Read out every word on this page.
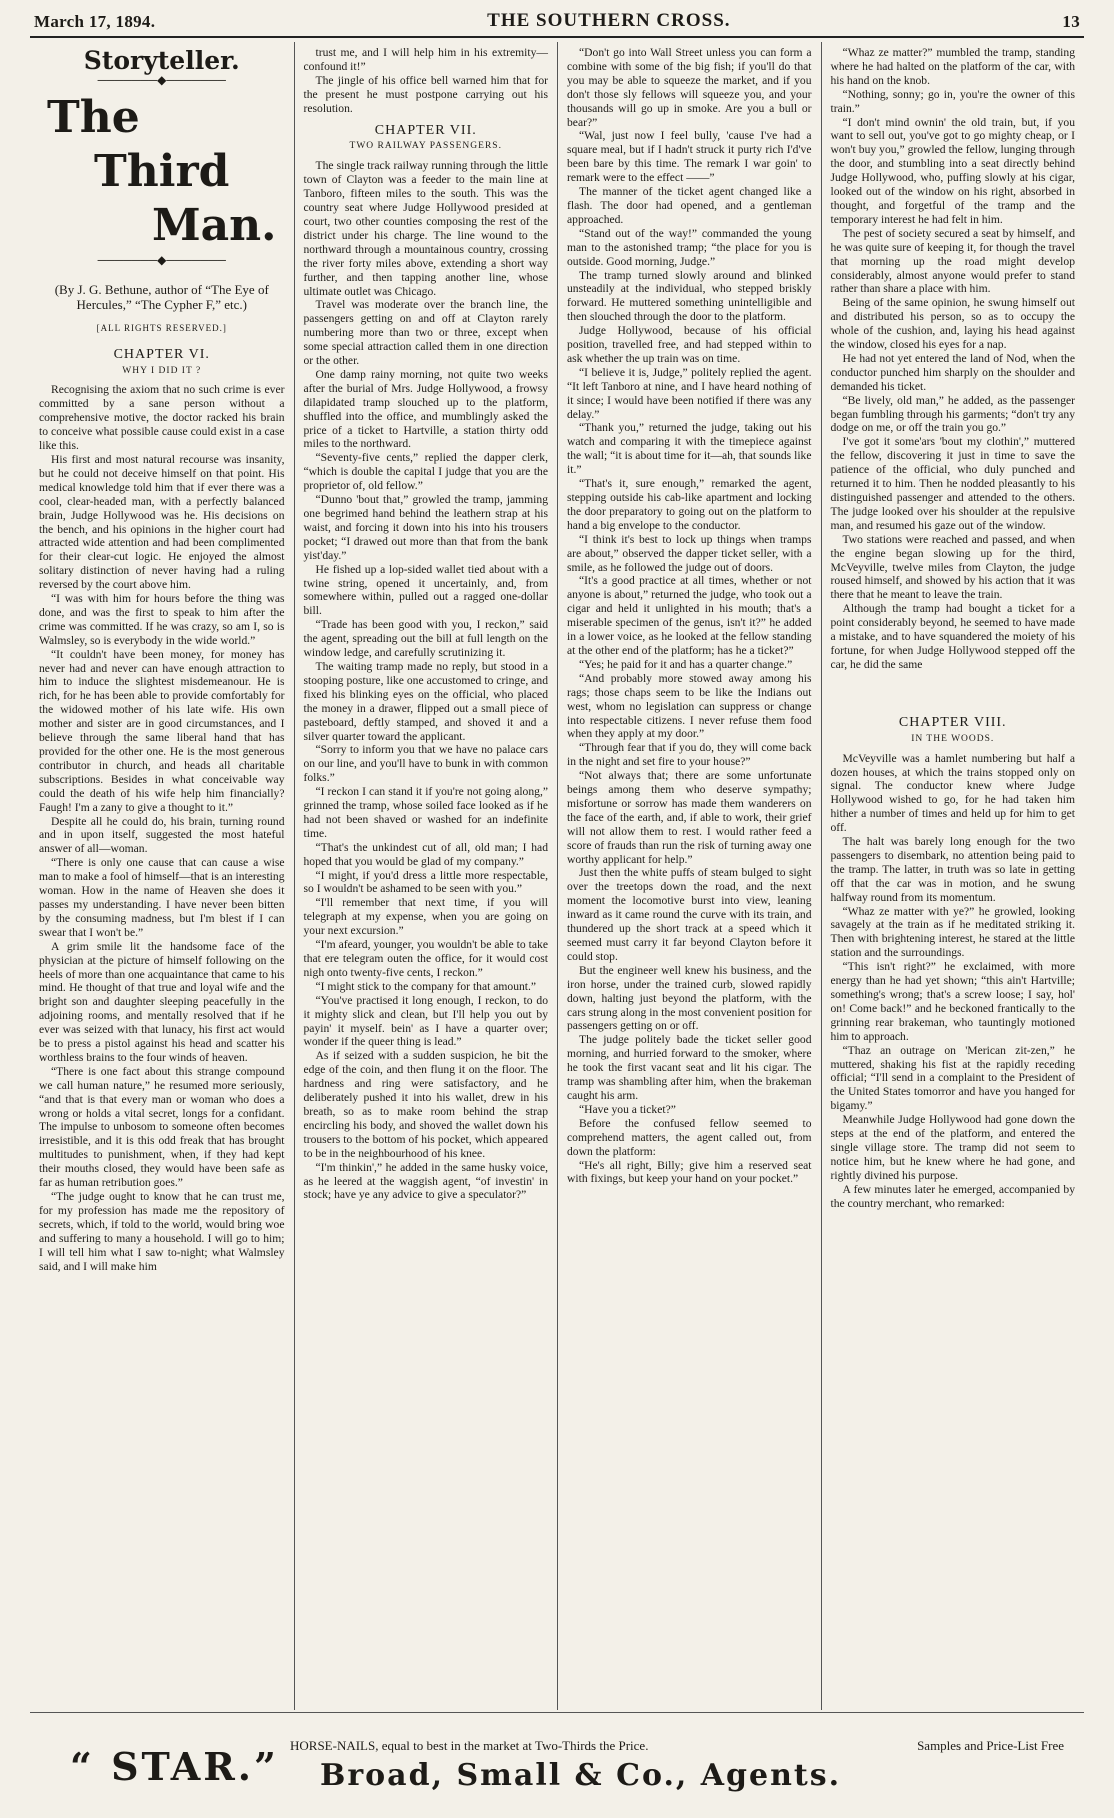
March 17, 1894.	THE SOUTHERN CROSS.	13
Storyteller.
───────◆───────
The
Third
Man.
───────◆───────
(By J. G. Bethune, author of “The Eye of Hercules,” “The Cypher F,” etc.)
[ALL RIGHTS RESERVED.]
CHAPTER VI.
WHY I DID IT ?

Recognising the axiom that no such crime is ever committed by a sane person without a comprehensive motive, the doctor racked his brain to conceive what possible cause could exist in a case like this.

His first and most natural recourse was insanity, but he could not deceive himself on that point. His medical knowledge told him that if ever there was a cool, clear-headed man, with a perfectly balanced brain, Judge Hollywood was he. His decisions on the bench, and his opinions in the higher court had attracted wide attention and had been complimented for their clear-cut logic. He enjoyed the almost solitary distinction of never having had a ruling reversed by the court above him.

“I was with him for hours before the thing was done, and was the first to speak to him after the crime was committed. If he was crazy, so am I, so is Walmsley, so is everybody in the wide world.”

“It couldn't have been money, for money has never had and never can have enough attraction to him to induce the slightest misdemeanour. He is rich, for he has been able to provide comfortably for the widowed mother of his late wife. His own mother and sister are in good circumstances, and I believe through the same liberal hand that has provided for the other one. He is the most generous contributor in church, and heads all charitable subscriptions. Besides in what conceivable way could the death of his wife help him financially? Faugh! I'm a zany to give a thought to it.”

Despite all he could do, his brain, turning round and in upon itself, suggested the most hateful answer of all—woman.

“There is only one cause that can cause a wise man to make a fool of himself—that is an interesting woman. How in the name of Heaven she does it passes my understanding. I have never been bitten by the consuming madness, but I'm blest if I can swear that I won't be.”

A grim smile lit the handsome face of the physician at the picture of himself following on the heels of more than one acquaintance that came to his mind. He thought of that true and loyal wife and the bright son and daughter sleeping peacefully in the adjoining rooms, and mentally resolved that if he ever was seized with that lunacy, his first act would be to press a pistol against his head and scatter his worthless brains to the four winds of heaven.

“There is one fact about this strange compound we call human nature,” he resumed more seriously, “and that is that every man or woman who does a wrong or holds a vital secret, longs for a confidant. The impulse to unbosom to someone often becomes irresistible, and it is this odd freak that has brought multitudes to punishment, when, if they had kept their mouths closed, they would have been safe as far as human retribution goes.”

“The judge ought to know that he can trust me, for my profession has made me the repository of secrets, which, if told to the world, would bring woe and suffering to many a household. I will go to him; I will tell him what I saw to-night; what Walmsley said, and I will make him

trust me, and I will help him in his extremity—confound it!”

The jingle of his office bell warned him that for the present he must postpone carrying out his resolution.

CHAPTER VII.
TWO RAILWAY PASSENGERS.

The single track railway running through the little town of Clayton was a feeder to the main line at Tanboro, fifteen miles to the south. This was the country seat where Judge Hollywood presided at court, two other counties composing the rest of the district under his charge. The line wound to the northward through a mountainous country, crossing the river forty miles above, extending a short way further, and then tapping another line, whose ultimate outlet was Chicago.

Travel was moderate over the branch line, the passengers getting on and off at Clayton rarely numbering more than two or three, except when some special attraction called them in one direction or the other.

One damp rainy morning, not quite two weeks after the burial of Mrs. Judge Hollywood, a frowsy dilapidated tramp slouched up to the platform, shuffled into the office, and mumblingly asked the price of a ticket to Hartville, a station thirty odd miles to the northward.

“Seventy-five cents,” replied the dapper clerk, “which is double the capital I judge that you are the proprietor of, old fellow.”

“Dunno 'bout that,” growled the tramp, jamming one begrimed hand behind the leathern strap at his waist, and forcing it down into his into his trousers pocket; “I drawed out more than that from the bank yist'day.”

He fished up a lop-sided wallet tied about with a twine string, opened it uncertainly, and, from somewhere within, pulled out a ragged one-dollar bill.

“Trade has been good with you, I reckon,” said the agent, spreading out the bill at full length on the window ledge, and carefully scrutinizing it.

The waiting tramp made no reply, but stood in a stooping posture, like one accustomed to cringe, and fixed his blinking eyes on the official, who placed the money in a drawer, flipped out a small piece of pasteboard, deftly stamped, and shoved it and a silver quarter toward the applicant.

“Sorry to inform you that we have no palace cars on our line, and you'll have to bunk in with common folks.”

“I reckon I can stand it if you're not going along,” grinned the tramp, whose soiled face looked as if he had not been shaved or washed for an indefinite time.

“That's the unkindest cut of all, old man; I had hoped that you would be glad of my company.”

“I might, if you'd dress a little more respectable, so I wouldn't be ashamed to be seen with you.”

“I'll remember that next time, if you will telegraph at my expense, when you are going on your next excursion.”

“I'm afeard, younger, you wouldn't be able to take that ere telegram outen the office, for it would cost nigh onto twenty-five cents, I reckon.”

“I might stick to the company for that amount.”

“You've practised it long enough, I reckon, to do it mighty slick and clean, but I'll help you out by payin' it myself. bein' as I have a quarter over; wonder if the queer thing is lead.”

As if seized with a sudden suspicion, he bit the edge of the coin, and then flung it on the floor. The hardness and ring were satisfactory, and he deliberately pushed it into his wallet, drew in his breath, so as to make room behind the strap encircling his body, and shoved the wallet down his trousers to the bottom of his pocket, which appeared to be in the neighbourhood of his knee.

“I'm thinkin',” he added in the same husky voice, as he leered at the waggish agent, “of investin' in stock; have ye any advice to give a speculator?”

“Don't go into Wall Street unless you can form a combine with some of the big fish; if you'll do that you may be able to squeeze the market, and if you don't those sly fellows will squeeze you, and your thousands will go up in smoke. Are you a bull or bear?”

“Wal, just now I feel bully, 'cause I've had a square meal, but if I hadn't struck it purty rich I'd've been bare by this time. The remark I war goin' to remark were to the effect ——”

The manner of the ticket agent changed like a flash. The door had opened, and a gentleman approached.

“Stand out of the way!” commanded the young man to the astonished tramp; “the place for you is outside. Good morning, Judge.”

The tramp turned slowly around and blinked unsteadily at the individual, who stepped briskly forward. He muttered something unintelligible and then slouched through the door to the platform.

Judge Hollywood, because of his official position, travelled free, and had stepped within to ask whether the up train was on time.

“I believe it is, Judge,” politely replied the agent. “It left Tanboro at nine, and I have heard nothing of it since; I would have been notified if there was any delay.”

“Thank you,” returned the judge, taking out his watch and comparing it with the timepiece against the wall; “it is about time for it—ah, that sounds like it.”

“That's it, sure enough,” remarked the agent, stepping outside his cab-like apartment and locking the door preparatory to going out on the platform to hand a big envelope to the conductor.

“I think it's best to lock up things when tramps are about,” observed the dapper ticket seller, with a smile, as he followed the judge out of doors.

“It's a good practice at all times, whether or not anyone is about,” returned the judge, who took out a cigar and held it unlighted in his mouth; that's a miserable specimen of the genus, isn't it?” he added in a lower voice, as he looked at the fellow standing at the other end of the platform; has he a ticket?”

“Yes; he paid for it and has a quarter change.”

“And probably more stowed away among his rags; those chaps seem to be like the Indians out west, whom no legislation can suppress or change into respectable citizens. I never refuse them food when they apply at my door.”

“Through fear that if you do, they will come back in the night and set fire to your house?”

“Not always that; there are some unfortunate beings among them who deserve sympathy; misfortune or sorrow has made them wanderers on the face of the earth, and, if able to work, their grief will not allow them to rest. I would rather feed a score of frauds than run the risk of turning away one worthy applicant for help.”

Just then the white puffs of steam bulged to sight over the treetops down the road, and the next moment the locomotive burst into view, leaning inward as it came round the curve with its train, and thundered up the short track at a speed which it seemed must carry it far beyond Clayton before it could stop.

But the engineer well knew his business, and the iron horse, under the trained curb, slowed rapidly down, halting just beyond the platform, with the cars strung along in the most convenient position for passengers getting on or off.

The judge politely bade the ticket seller good morning, and hurried forward to the smoker, where he took the first vacant seat and lit his cigar. The tramp was shambling after him, when the brakeman caught his arm.

“Have you a ticket?”

Before the confused fellow seemed to comprehend matters, the agent called out, from down the platform:

“He's all right, Billy; give him a reserved seat with fixings, but keep your hand on your pocket.”

“Whaz ze matter?” mumbled the tramp, standing where he had halted on the platform of the car, with his hand on the knob.

“Nothing, sonny; go in, you're the owner of this train.”

“I don't mind ownin' the old train, but, if you want to sell out, you've got to go mighty cheap, or I won't buy you,” growled the fellow, lunging through the door, and stumbling into a seat directly behind Judge Hollywood, who, puffing slowly at his cigar, looked out of the window on his right, absorbed in thought, and forgetful of the tramp and the temporary interest he had felt in him.

The pest of society secured a seat by himself, and he was quite sure of keeping it, for though the travel that morning up the road might develop considerably, almost anyone would prefer to stand rather than share a place with him.

Being of the same opinion, he swung himself out and distributed his person, so as to occupy the whole of the cushion, and, laying his head against the window, closed his eyes for a nap.

He had not yet entered the land of Nod, when the conductor punched him sharply on the shoulder and demanded his ticket.

“Be lively, old man,” he added, as the passenger began fumbling through his garments; “don't try any dodge on me, or off the train you go.”

I've got it some'ars 'bout my clothin',” muttered the fellow, discovering it just in time to save the patience of the official, who duly punched and returned it to him. Then he nodded pleasantly to his distinguished passenger and attended to the others. The judge looked over his shoulder at the repulsive man, and resumed his gaze out of the window.

Two stations were reached and passed, and when the engine began slowing up for the third, McVeyville, twelve miles from Clayton, the judge roused himself, and showed by his action that it was there that he meant to leave the train.

Although the tramp had bought a ticket for a point considerably beyond, he seemed to have made a mistake, and to have squandered the moiety of his fortune, for when Judge Hollywood stepped off the car, he did the same

CHAPTER VIII.
IN THE WOODS.

McVeyville was a hamlet numbering but half a dozen houses, at which the trains stopped only on signal. The conductor knew where Judge Hollywood wished to go, for he had taken him hither a number of times and held up for him to get off.

The halt was barely long enough for the two passengers to disembark, no attention being paid to the tramp. The latter, in truth was so late in getting off that the car was in motion, and he swung halfway round from its momentum.

“Whaz ze matter with ye?” he growled, looking savagely at the train as if he meditated striking it. Then with brightening interest, he stared at the little station and the surroundings.

“This isn't right?” he exclaimed, with more energy than he had yet shown; “this ain't Hartville; something's wrong; that's a screw loose; I say, hol' on! Come back!” and he beckoned frantically to the grinning rear brakeman, who tauntingly motioned him to approach.

“Thaz an outrage on 'Merican zit-zen,” he muttered, shaking his fist at the rapidly receding official; “I'll send in a complaint to the President of the United States tomorror and have you hanged for bigamy.”

Meanwhile Judge Hollywood had gone down the steps at the end of the platform, and entered the single village store. The tramp did not seem to notice him, but he knew where he had gone, and rightly divined his purpose.

A few minutes later he emerged, accompanied by the country merchant, who remarked:

“ STAR.” HORSE-NAILS, equal to best in the market at Two-Thirds the Price.	Samples and Price-List Free
Broad, Small & Co., Agents.
